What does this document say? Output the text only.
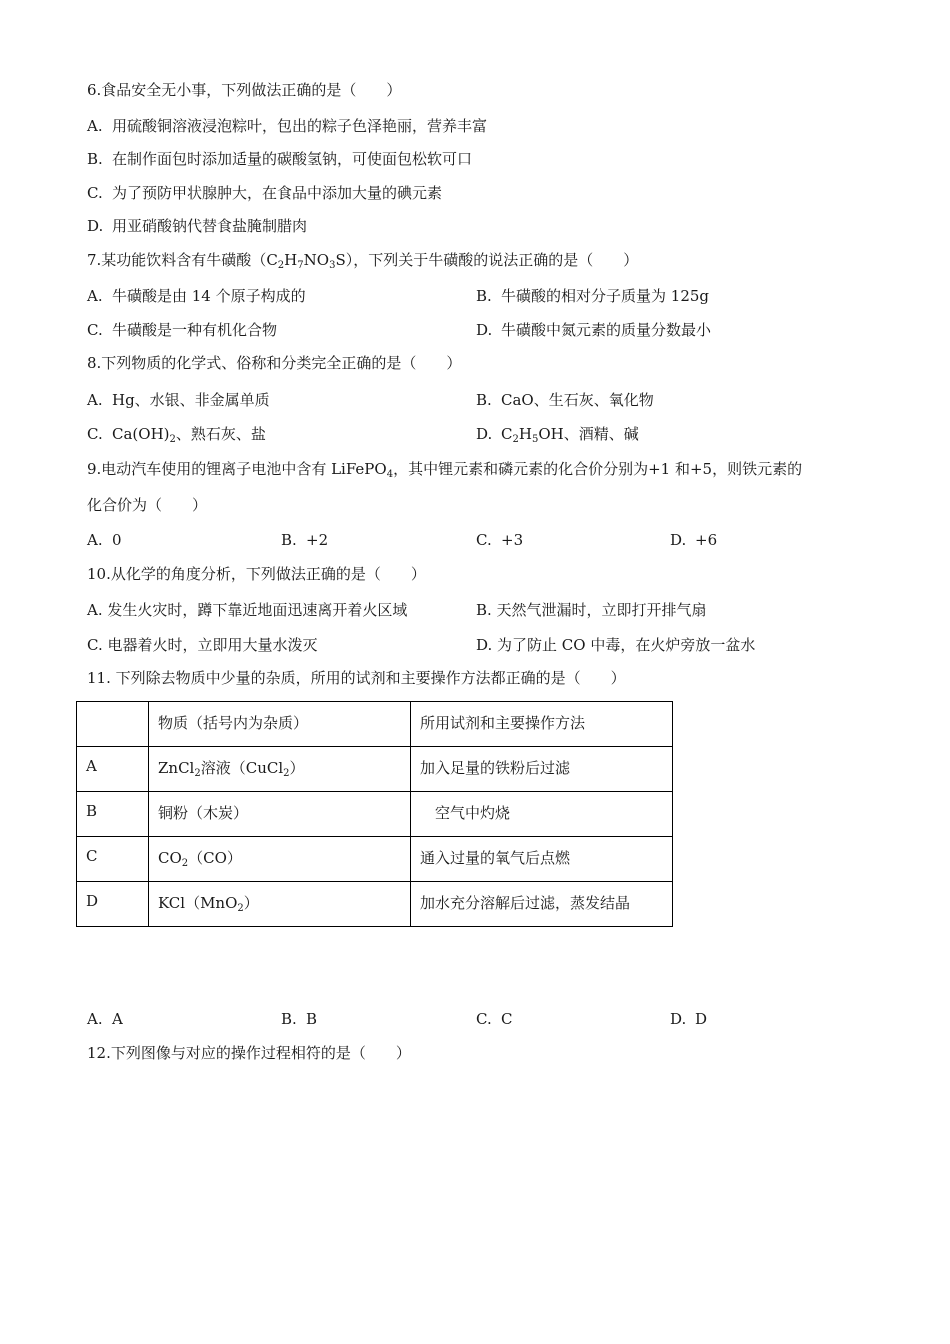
6.食品安全无小事，下列做法正确的是（　　）
A. 用硫酸铜溶液浸泡粽叶，包出的粽子色泽艳丽，营养丰富
B. 在制作面包时添加适量的碳酸氢钠，可使面包松软可口
C. 为了预防甲状腺肿大，在食品中添加大量的碘元素
D. 用亚硝酸钠代替食盐腌制腊肉
7.某功能饮料含有牛磺酸$(C_2H_7NO_3S)$，下列关于牛磺酸的说法正确的是（　　）
A. 牛磺酸是由 14 个原子构成的	B. 牛磺酸的相对分子质量为 125g
C. 牛磺酸是一种有机化合物	D. 牛磺酸中氮元素的质量分数最小
8.下列物质的化学式、俗称和分类完全正确的是（　　）
A. Hg、水银、非金属单质	B. CaO、生石灰、氧化物
C. $Ca(OH)_2$、熟石灰、盐	D. $C_2H_5OH$、酒精、碱
9.电动汽车使用的锂离子电池中含有 LiFePO$_4$，其中锂元素和磷元素的化合价分别为+1 和+5，则铁元素的
化合价为（　　）
A. 0	B. +2	C. +3	D. +6
10.从化学的角度分析，下列做法正确的是（　　）
A. 发生火灾时，蹲下靠近地面迅速离开着火区域	B. 天然气泄漏时，立即打开排气扇
C. 电器着火时，立即用大量水泼灭	D. 为了防止 CO 中毒，在火炉旁放一盆水
11. 下列除去物质中少量的杂质，所用的试剂和主要操作方法都正确的是（　　）
	物质（括号内为杂质）	所用试剂和主要操作方法
A	ZnCl$_2$溶液（CuCl$_2$）	加入足量的铁粉后过滤
B	铜粉（木炭）	　空气中灼烧
C	$CO_2(CO)$	通入过量的氧气后点燃
D	KCl（MnO$_2$）	加水充分溶解后过滤，蒸发结晶
A. A	B. B	C. C	D. D
12.下列图像与对应的操作过程相符的是（　　）
